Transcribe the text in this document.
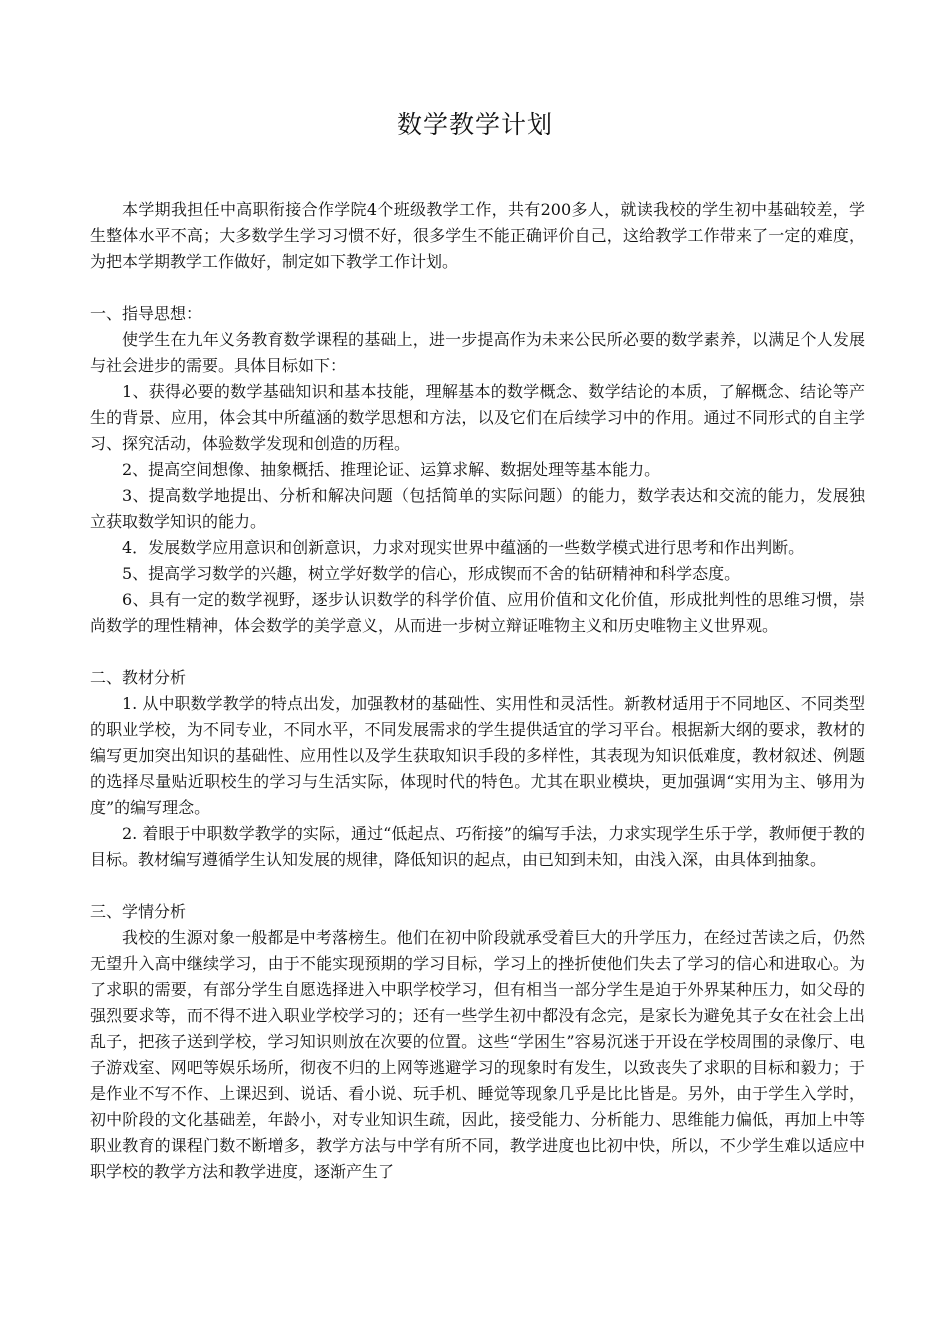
数学教学计划

本学期我担任中高职衔接合作学院4个班级教学工作，共有200多人，就读我校的学生初中基础较差，学生整体水平不高；大多数学生学习习惯不好，很多学生不能正确评价自己，这给教学工作带来了一定的难度，为把本学期教学工作做好，制定如下教学工作计划。

一、指导思想：

使学生在九年义务教育数学课程的基础上，进一步提高作为未来公民所必要的数学素养，以满足个人发展与社会进步的需要。具体目标如下：

1、获得必要的数学基础知识和基本技能，理解基本的数学概念、数学结论的本质，了解概念、结论等产生的背景、应用，体会其中所蕴涵的数学思想和方法，以及它们在后续学习中的作用。通过不同形式的自主学习、探究活动，体验数学发现和创造的历程。

2、提高空间想像、抽象概括、推理论证、运算求解、数据处理等基本能力。

3、提高数学地提出、分析和解决问题（包括简单的实际问题）的能力，数学表达和交流的能力，发展独立获取数学知识的能力。

4．发展数学应用意识和创新意识，力求对现实世界中蕴涵的一些数学模式进行思考和作出判断。

5、提高学习数学的兴趣，树立学好数学的信心，形成锲而不舍的钻研精神和科学态度。

6、具有一定的数学视野，逐步认识数学的科学价值、应用价值和文化价值，形成批判性的思维习惯，崇尚数学的理性精神，体会数学的美学意义，从而进一步树立辩证唯物主义和历史唯物主义世界观。

二、教材分析

1. 从中职数学教学的特点出发，加强教材的基础性、实用性和灵活性。新教材适用于不同地区、不同类型的职业学校，为不同专业，不同水平，不同发展需求的学生提供适宜的学习平台。根据新大纲的要求，教材的编写更加突出知识的基础性、应用性以及学生获取知识手段的多样性，其表现为知识低难度，教材叙述、例题的选择尽量贴近职校生的学习与生活实际，体现时代的特色。尤其在职业模块，更加强调“实用为主、够用为度”的编写理念。

2. 着眼于中职数学教学的实际，通过“低起点、巧衔接”的编写手法，力求实现学生乐于学，教师便于教的目标。教材编写遵循学生认知发展的规律，降低知识的起点，由已知到未知，由浅入深，由具体到抽象。

三、学情分析

我校的生源对象一般都是中考落榜生。他们在初中阶段就承受着巨大的升学压力，在经过苦读之后，仍然无望升入高中继续学习，由于不能实现预期的学习目标，学习上的挫折使他们失去了学习的信心和进取心。为了求职的需要，有部分学生自愿选择进入中职学校学习，但有相当一部分学生是迫于外界某种压力，如父母的强烈要求等，而不得不进入职业学校学习的；还有一些学生初中都没有念完，是家长为避免其子女在社会上出乱子，把孩子送到学校，学习知识则放在次要的位置。这些“学困生”容易沉迷于开设在学校周围的录像厅、电子游戏室、网吧等娱乐场所，彻夜不归的上网等逃避学习的现象时有发生，以致丧失了求职的目标和毅力；于是作业不写不作、上课迟到、说话、看小说、玩手机、睡觉等现象几乎是比比皆是。另外，由于学生入学时，初中阶段的文化基础差，年龄小，对专业知识生疏，因此，接受能力、分析能力、思维能力偏低，再加上中等职业教育的课程门数不断增多，教学方法与中学有所不同，教学进度也比初中快，所以，不少学生难以适应中职学校的教学方法和教学进度，逐渐产生了
